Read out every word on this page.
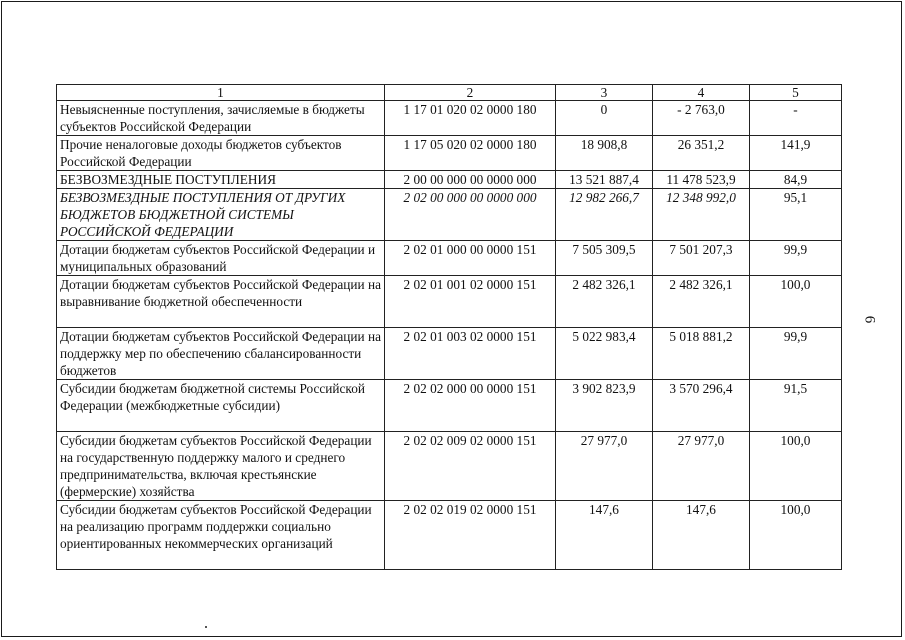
1	2	3	4	5
Невыясненные поступления, зачисляемые в бюджеты субъектов Российской Федерации	1 17 01 020 02 0000 180	0	- 2 763,0	-
Прочие неналоговые доходы бюджетов субъектов Российской Федерации	1 17 05 020 02 0000 180	18 908,8	26 351,2	141,9
БЕЗВОЗМЕЗДНЫЕ ПОСТУПЛЕНИЯ	2 00 00 000 00 0000 000	13 521 887,4	11 478 523,9	84,9
БЕЗВОЗМЕЗДНЫЕ ПОСТУПЛЕНИЯ ОТ ДРУГИХ БЮДЖЕТОВ БЮДЖЕТНОЙ СИСТЕМЫ РОССИЙСКОЙ ФЕДЕРАЦИИ	2 02 00 000 00 0000 000	12 982 266,7	12 348 992,0	95,1
Дотации бюджетам субъектов Российской Федерации и муниципальных образований	2 02 01 000 00 0000 151	7 505 309,5	7 501 207,3	99,9
Дотации бюджетам субъектов Российской Федерации на выравнивание бюджетной обеспеченности	2 02 01 001 02 0000 151	2 482 326,1	2 482 326,1	100,0
Дотации бюджетам субъектов Российской Федерации на поддержку мер по обеспечению сбалансированности бюджетов	2 02 01 003 02 0000 151	5 022 983,4	5 018 881,2	99,9
Субсидии бюджетам бюджетной системы Российской Федерации (межбюджетные субсидии)	2 02 02 000 00 0000 151	3 902 823,9	3 570 296,4	91,5
Субсидии бюджетам субъектов Российской Федерации на государственную поддержку малого и среднего предпринимательства, включая крестьянские (фермерские) хозяйства	2 02 02 009 02 0000 151	27 977,0	27 977,0	100,0
Субсидии бюджетам субъектов Российской Федерации на реализацию программ поддержки социально ориентированных некоммерческих организаций	2 02 02 019 02 0000 151	147,6	147,6	100,0
6
